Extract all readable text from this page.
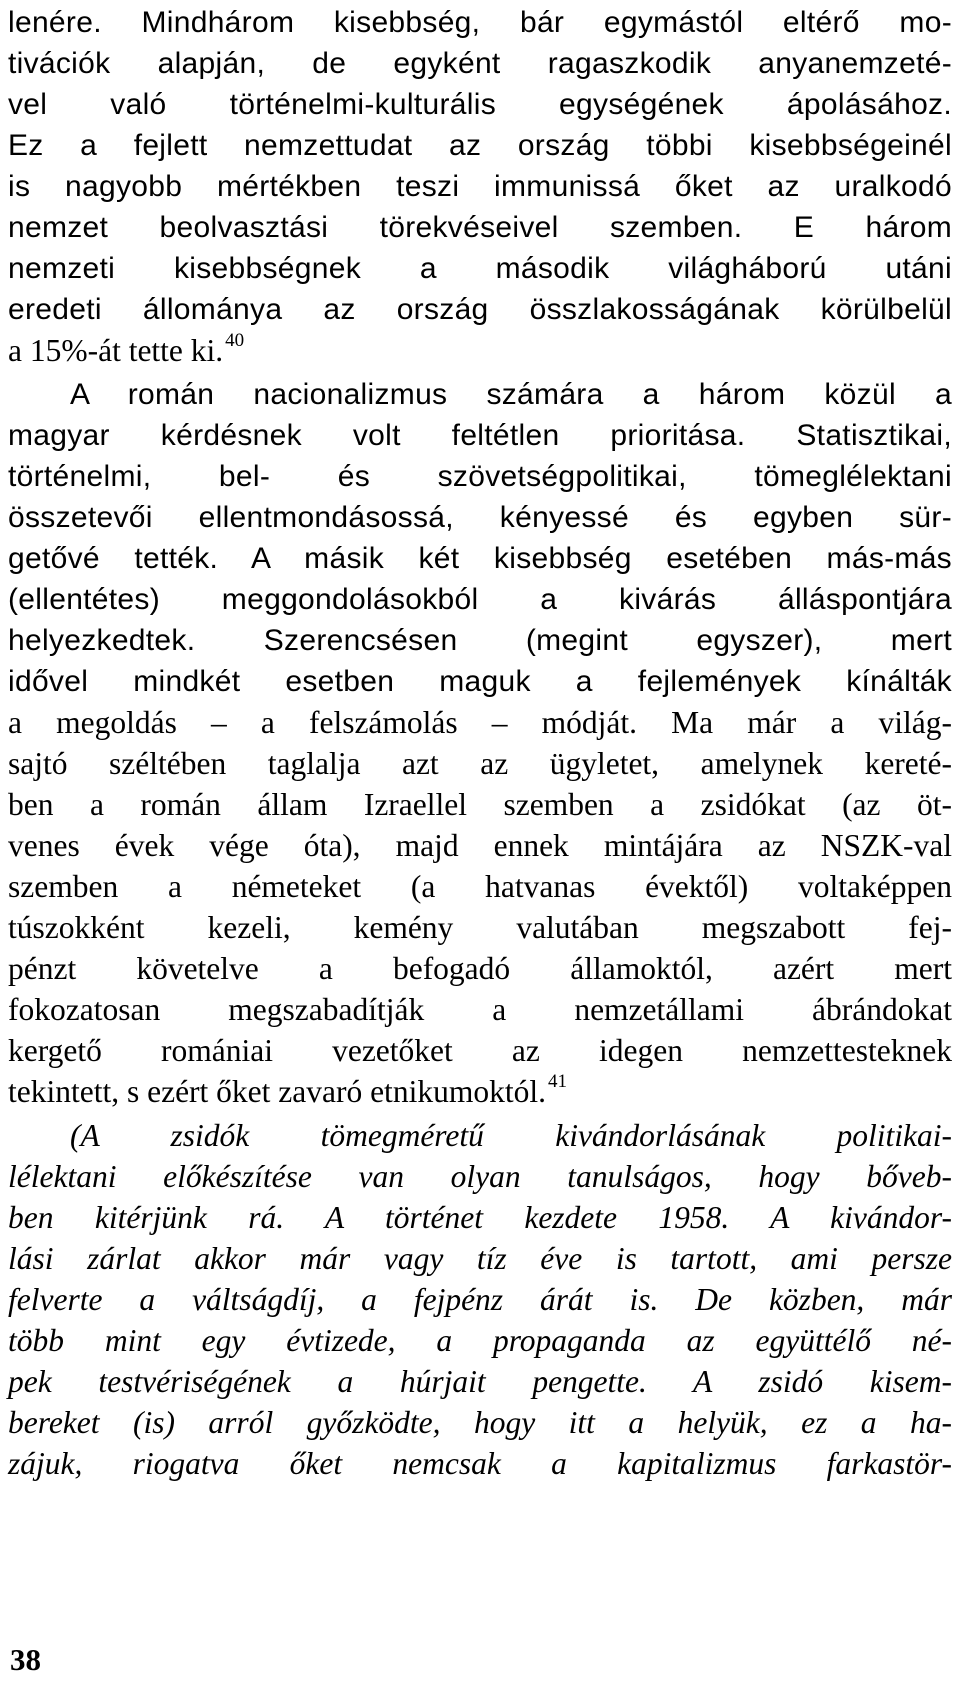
lenére. Mindhárom kisebbség, bár egymástól eltérő mo-
tivációk alapján, de egyként ragaszkodik anyanemzeté-
vel való történelmi-kulturális egységének ápolásához.
Ez a fejlett nemzettudat az ország többi kisebbségeinél
is nagyobb mértékben teszi immunissá őket az uralkodó
nemzet beolvasztási törekvéseivel szemben. E három
nemzeti kisebbségnek a második világháború utáni
eredeti állománya az ország összlakosságának körülbelül
a 15%-át tette ki. $^{40}$
A román nacionalizmus számára a három közül a
magyar kérdésnek volt feltétlen prioritása. Statisztikai,
történelmi, bel- és szövetségpolitikai, tömeglélektani
összetevői ellentmondásossá, kényessé és egyben sür-
getővé tették. A másik két kisebbség esetében más-más
(ellentétes) meggondolásokból a kivárás álláspontjára
helyezkedtek. Szerencsésen (megint egyszer), mert
idővel mindkét esetben maguk a fejlemények kínálták
a megoldás – a felszámolás – módját. Ma már a világ-
sajtó széltében taglalja azt az ügyletet, amelynek kereté-
ben a román állam Izraellel szemben a zsidókat (az öt-
venes évek vége óta), majd ennek mintájára az NSZK-val
szemben a németeket (a hatvanas évektől) voltaképpen
túszokként kezeli, kemény valutában megszabott fej-
pénzt követelve a befogadó államoktól, azért mert
fokozatosan megszabadítják a nemzetállami ábrándokat
kergető romániai vezetőket az idegen nemzettesteknek
tekintett, s ezért őket zavaró etnikumoktól. $^{41}$
(A zsidók tömegméretű kivándorlásának politikai-
lélektani előkészítése van olyan tanulságos, hogy bőveb-
ben kitérjünk rá. A történet kezdete 1958. A kivándor-
lási zárlat akkor már vagy tíz éve is tartott, ami persze
felverte a váltságdíj, a fejpénz árát is. De közben, már
több mint egy évtizede, a propaganda az együttélő né-
pek testvériségének a húrjait pengette. A zsidó kisem-
bereket (is) arról győzködte, hogy itt a helyük, ez a ha-
zájuk, riogatva őket nemcsak a kapitalizmus farkastör-
38
